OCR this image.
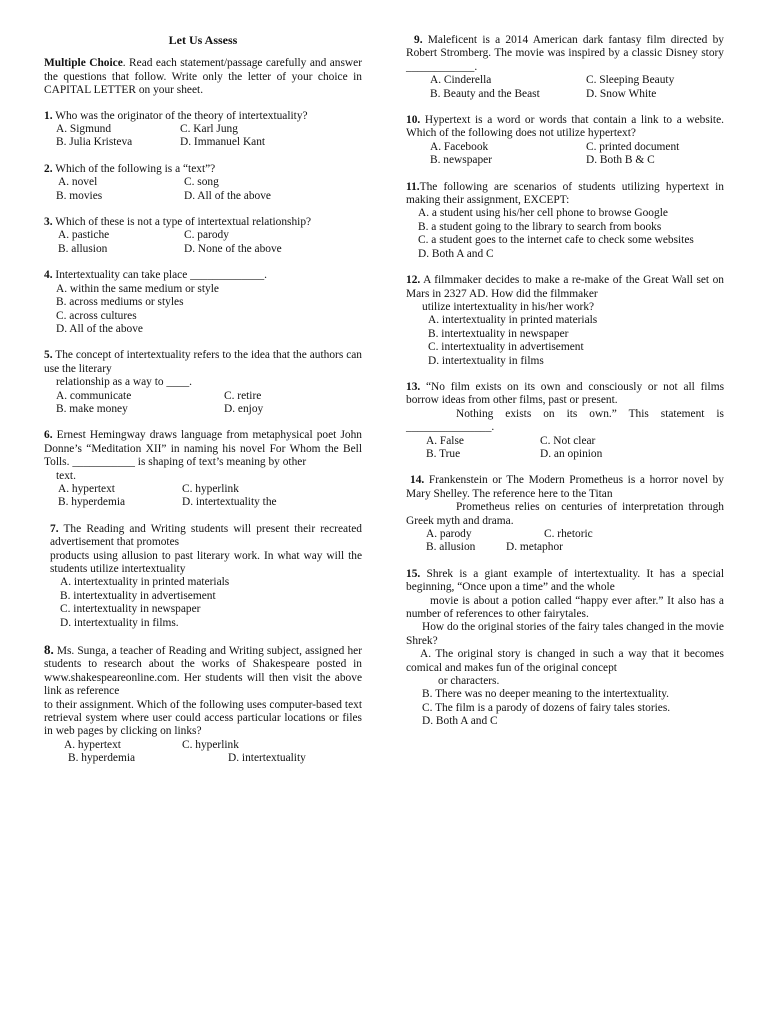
Let Us Assess
Multiple Choice. Read each statement/passage carefully and answer the questions that follow. Write only the letter of your choice in CAPITAL LETTER on your sheet.
1. Who was the originator of the theory of intertextuality?
A. Sigmund	C. Karl Jung
B. Julia Kristeva	D. Immanuel Kant
2. Which of the following is a “text”?
A. novel	C. song
B. movies	D. All of the above
3. Which of these is not a type of intertextual relationship?
A. pastiche	C. parody
B. allusion	D. None of the above
4. Intertextuality can take place _____________.
A. within the same medium or style
B. across mediums or styles
C. across cultures
D. All of the above
5. The concept of intertextuality refers to the idea that the authors can use the literary
relationship as a way to ____.
A. communicate	C. retire
B. make money	D. enjoy
6. Ernest Hemingway draws language from metaphysical poet John Donne’s “Meditation XII” in naming his novel For Whom the Bell Tolls. ___________ is shaping of text’s meaning by other
text.
A. hypertext	C. hyperlink
B. hyperdemia	D. intertextuality the
7. The Reading and Writing students will present their recreated advertisement that promotes
products using allusion to past literary work. In what way will the students utilize intertextuality
A. intertextuality in printed materials
B. intertextuality in advertisement
C. intertextuality in newspaper
D. intertextuality in films.
8. Ms. Sunga, a teacher of Reading and Writing subject, assigned her students to research about the works of Shakespeare posted in www.shakespeareonline.com. Her students will then visit the above link as reference
to their assignment. Which of the following uses computer-based text retrieval system where user could access particular locations or files in web pages by clicking on links?
A. hypertext	C. hyperlink
B. hyperdemia	D. intertextuality
9. Maleficent is a 2014 American dark fantasy film directed by Robert Stromberg. The movie was inspired by a classic Disney story ____________.
A. Cinderella	C. Sleeping Beauty
B. Beauty and the Beast	D. Snow White
10. Hypertext is a word or words that contain a link to a website. Which of the following does not utilize hypertext?
A. Facebook	C. printed document
B. newspaper	D. Both B & C
11.The following are scenarios of students utilizing hypertext in making their assignment, EXCEPT:
A. a student using his/her cell phone to browse Google
B. a student going to the library to search from books
C. a student goes to the internet cafe to check some websites
D. Both A and C
12. A filmmaker decides to make a re-make of the Great Wall set on Mars in 2327 AD. How did the filmmaker
utilize intertextuality in his/her work?
A. intertextuality in printed materials
B. intertextuality in newspaper
C. intertextuality in advertisement
D. intertextuality in films
13. “No film exists on its own and consciously or not all films borrow ideas from other films, past or present.
Nothing exists on its own.” This statement is _______________.
A. False	C. Not clear
B. True	D. an opinion
14. Frankenstein or The Modern Prometheus is a horror novel by Mary Shelley. The reference here to the Titan
Prometheus relies on centuries of interpretation through Greek myth and drama.
A. parody	C. rhetoric
B. allusion	D. metaphor
15. Shrek is a giant example of intertextuality. It has a special beginning, “Once upon a time” and the whole
movie is about a potion called “happy ever after.” It also has a number of references to other fairytales.
How do the original stories of the fairy tales changed in the movie Shrek?
A. The original story is changed in such a way that it becomes comical and makes fun of the original concept
or characters.
B. There was no deeper meaning to the intertextuality.
C. The film is a parody of dozens of fairy tales stories.
D. Both A and C
